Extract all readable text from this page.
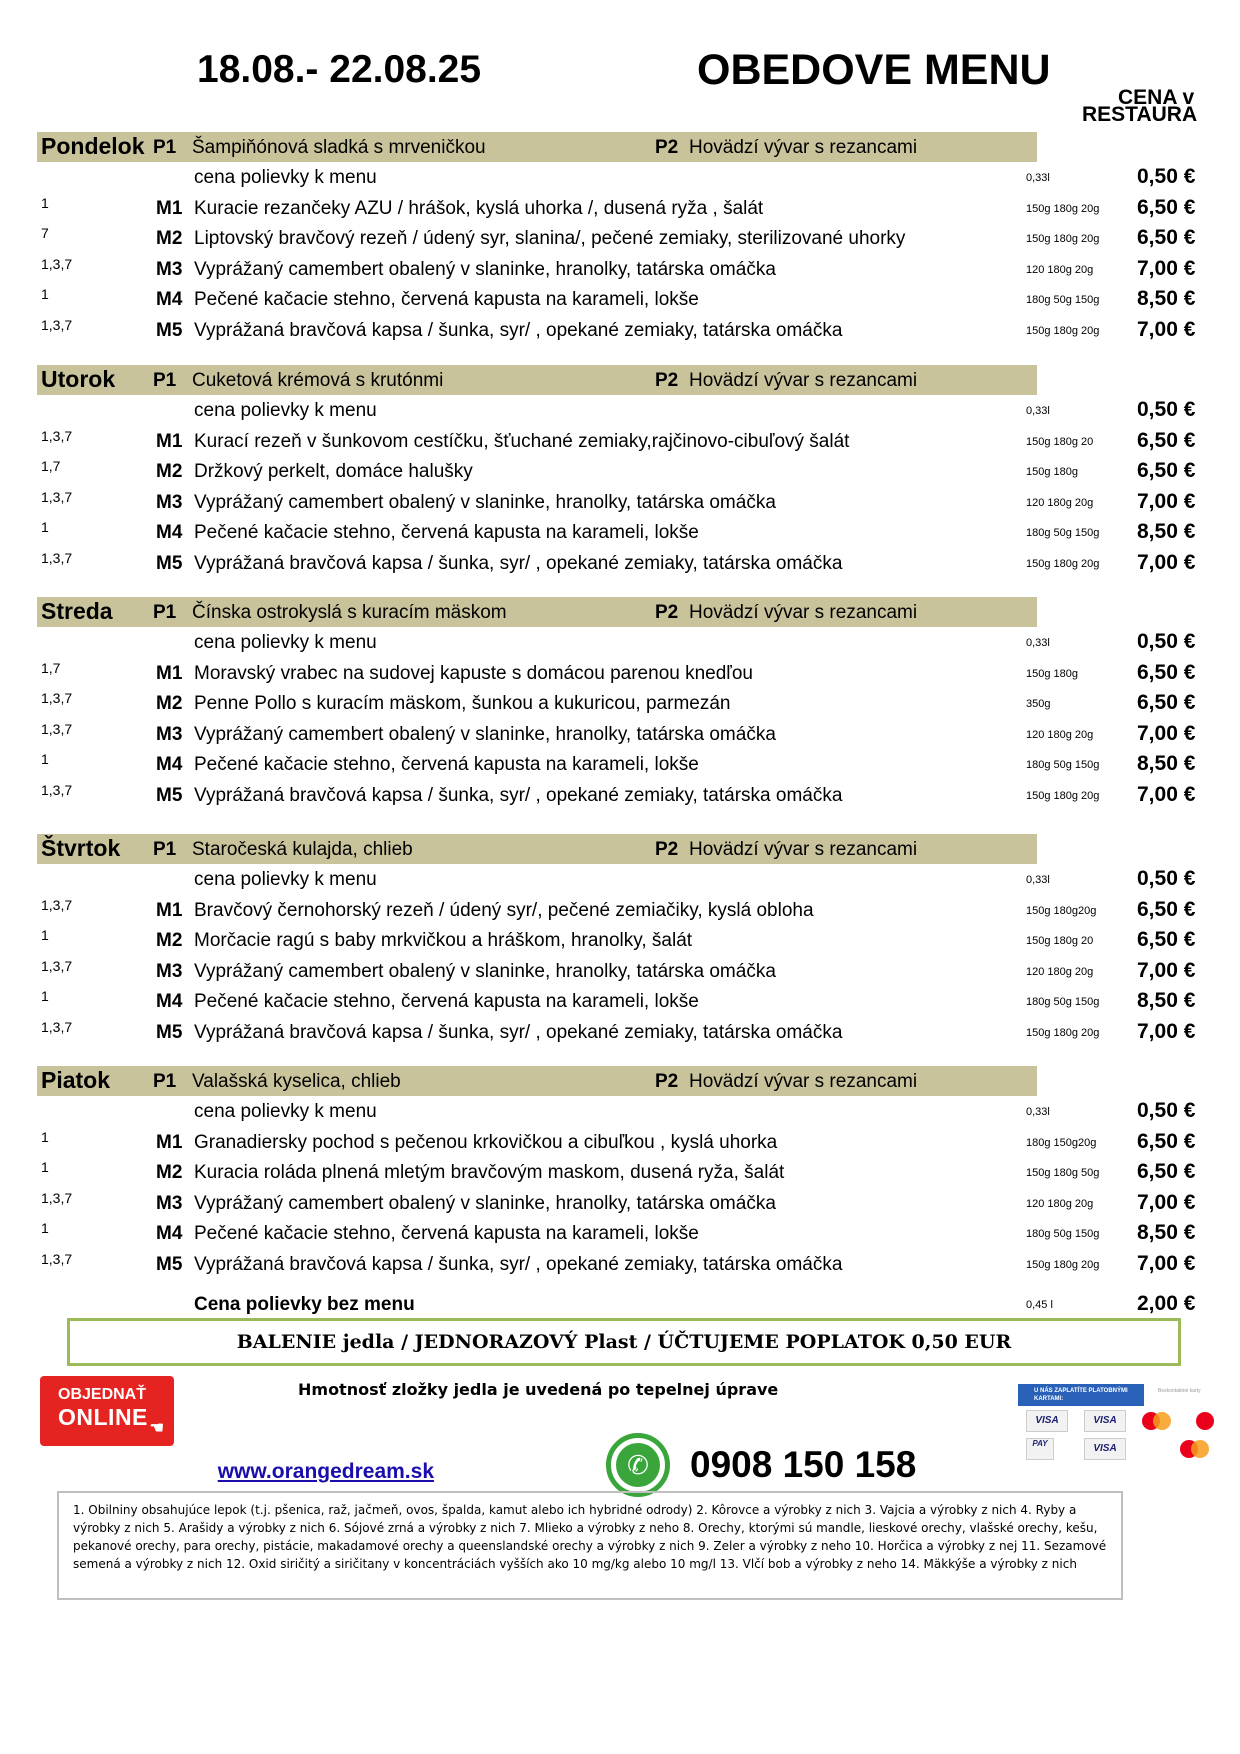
18.08.- 22.08.25	OBEDOVE MENU
CENA v
RESTAURA
Pondelok P1 Šampiňónová sladká s mrveničkou	P2 Hovädzí vývar s rezancami
cena polievky k menu	0,33l	0,50 €
1	M1 Kuracie rezančeky AZU / hrášok, kyslá uhorka /, dusená ryža , šalát	150g 180g 20g 6,50 €
7	M2 Liptovský bravčový rezeň / údený syr, slanina/, pečené zemiaky, sterilizované uhorky	150g 180g 20g 6,50 €
1,3,7	M3 Vyprážaný camembert obalený v slaninke, hranolky, tatárska omáčka	120 180g 20g 7,00 €
1	M4 Pečené kačacie stehno, červená kapusta na karameli, lokše	180g 50g 150g 8,50 €
1,3,7	M5 Vyprážaná bravčová kapsa / šunka, syr/ , opekané zemiaky, tatárska omáčka	150g 180g 20g 7,00 €
Utorok P1 Cuketová krémová s krutónmi	P2 Hovädzí vývar s rezancami
cena polievky k menu	0,33l	0,50 €
1,3,7	M1 Kurací rezeň v šunkovom cestíčku, šťuchané zemiaky,rajčinovo-cibuľový šalát	150g 180g 20 6,50 €
1,7	M2 Držkový perkelt, domáce halušky	150g 180g	6,50 €
1,3,7	M3 Vyprážaný camembert obalený v slaninke, hranolky, tatárska omáčka	120 180g 20g 7,00 €
1	M4 Pečené kačacie stehno, červená kapusta na karameli, lokše	180g 50g 150g 8,50 €
1,3,7	M5 Vyprážaná bravčová kapsa / šunka, syr/ , opekané zemiaky, tatárska omáčka	150g 180g 20g 7,00 €
Streda P1 Čínska ostrokyslá s kuracím mäskom	P2 Hovädzí vývar s rezancami
cena polievky k menu	0,33l	0,50 €
1,7	M1 Moravský vrabec na sudovej kapuste s domácou parenou knedľou	150g 180g	6,50 €
1,3,7	M2 Penne Pollo s kuracím mäskom, šunkou a kukuricou, parmezán	350g	6,50 €
1,3,7	M3 Vyprážaný camembert obalený v slaninke, hranolky, tatárska omáčka	120 180g 20g 7,00 €
1	M4 Pečené kačacie stehno, červená kapusta na karameli, lokše	180g 50g 150g 8,50 €
1,3,7	M5 Vyprážaná bravčová kapsa / šunka, syr/ , opekané zemiaky, tatárska omáčka	150g 180g 20g 7,00 €
Štvrtok P1 Staročeská kulajda, chlieb	P2 Hovädzí vývar s rezancami
cena polievky k menu	0,33l	0,50 €
1,3,7	M1 Bravčový černohorský rezeň / údený syr/, pečené zemiačiky, kyslá obloha	150g 180g20g 6,50 €
1	M2 Morčacie ragú s baby mrkvičkou a hráškom, hranolky, šalát	150g 180g 20 6,50 €
1,3,7	M3 Vyprážaný camembert obalený v slaninke, hranolky, tatárska omáčka	120 180g 20g 7,00 €
1	M4 Pečené kačacie stehno, červená kapusta na karameli, lokše	180g 50g 150g 8,50 €
1,3,7	M5 Vyprážaná bravčová kapsa / šunka, syr/ , opekané zemiaky, tatárska omáčka	150g 180g 20g 7,00 €
Piatok P1 Valašská kyselica, chlieb	P2 Hovädzí vývar s rezancami
cena polievky k menu	0,33l	0,50 €
1	M1 Granadiersky pochod s pečenou krkovičkou a cibuľkou , kyslá uhorka	180g 150g20g 6,50 €
1	M2 Kuracia roláda plnená mletým bravčovým maskom, dusená ryža, šalát	150g 180g 50g 6,50 €
1,3,7	M3 Vyprážaný camembert obalený v slaninke, hranolky, tatárska omáčka	120 180g 20g 7,00 €
1	M4 Pečené kačacie stehno, červená kapusta na karameli, lokše	180g 50g 150g 8,50 €
1,3,7	M5 Vyprážaná bravčová kapsa / šunka, syr/ , opekané zemiaky, tatárska omáčka	150g 180g 20g 7,00 €
Cena polievky bez menu	0,45 l	2,00 €
BALENIE jedla / JEDNORAZOVÝ Plast / ÚČTUJEME POPLATOK 0,50 EUR
OBJEDNAŤ
ONLINE ☚
Hmotnosť zložky jedla je uvedená po tepelnej úprave
www.orangedream.sk	✆	0908 150 158
U NÁS ZAPLATÍTE PLATOBNÝMI KARTAMI:
Bezkontaktné karty
VISA	VISA
PAY	VISA
1. Obilniny obsahujúce lepok (t.j. pšenica, raž, jačmeň, ovos, špalda, kamut alebo ich hybridné odrody) 2. Kôrovce a výrobky z nich 3. Vajcia a výrobky z nich 4. Ryby a výrobky z nich 5. Arašidy a výrobky z nich 6. Sójové zrná a výrobky z nich 7. Mlieko a výrobky z neho 8. Orechy, ktorými sú mandle, lieskové orechy, vlašské orechy, kešu, pekanové orechy, para orechy, pistácie, makadamové orechy a queenslandské orechy a výrobky z nich 9. Zeler a výrobky z neho 10. Horčica a výrobky z nej 11. Sezamové semená a výrobky z nich 12. Oxid siričitý a siričitany v koncentráciách vyšších ako 10 mg/kg alebo 10 mg/l 13. Vlčí bob a výrobky z neho 14. Mäkkýše a výrobky z nich
